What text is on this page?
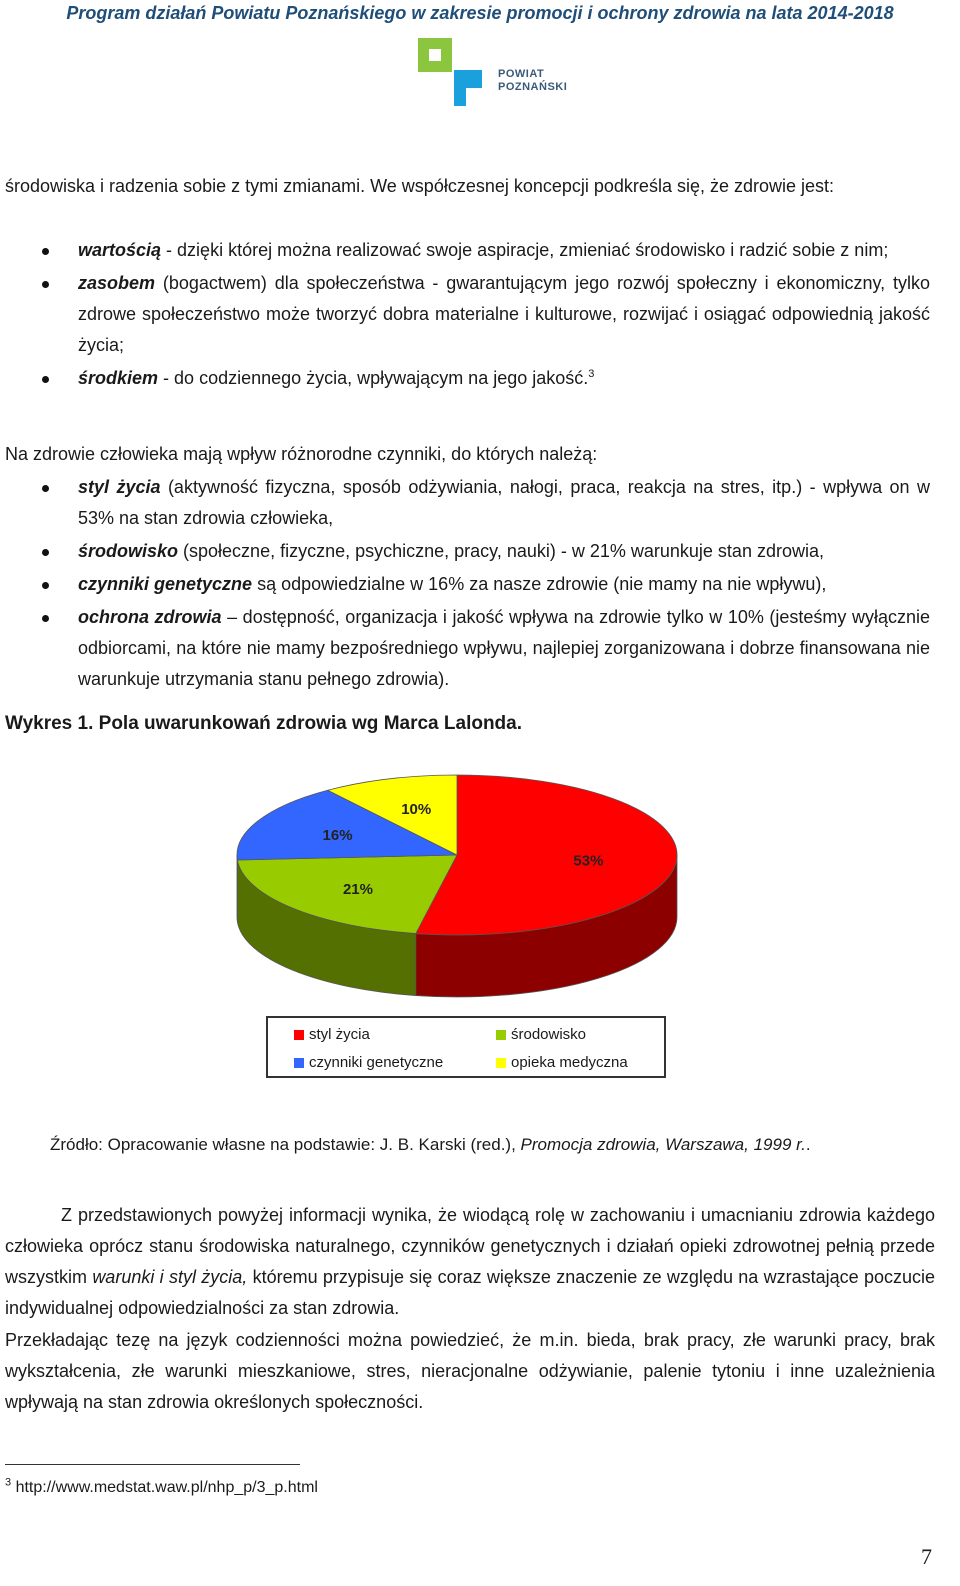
Program działań Powiatu Poznańskiego w zakresie promocji i ochrony zdrowia na lata 2014-2018
POWIAT
POZNAŃSKI

środowiska i radzenia sobie z tymi zmianami. We współczesnej koncepcji podkreśla się, że zdrowie jest:

wartością - dzięki której można realizować swoje aspiracje, zmieniać środowisko i radzić sobie z nim;
zasobem (bogactwem) dla społeczeństwa - gwarantującym jego rozwój społeczny i ekonomiczny, tylko zdrowe społeczeństwo może tworzyć dobra materialne i kulturowe, rozwijać i osiągać odpowiednią jakość życia;
środkiem - do codziennego życia, wpływającym na jego jakość.$^3$

Na zdrowie człowieka mają wpływ różnorodne czynniki, do których należą:

styl życia (aktywność fizyczna, sposób odżywiania, nałogi, praca, reakcja na stres, itp.) - wpływa on w 53% na stan zdrowia człowieka,
środowisko (społeczne, fizyczne, psychiczne, pracy, nauki) - w 21% warunkuje stan zdrowia,
czynniki genetyczne są odpowiedzialne w 16% za nasze zdrowie (nie mamy na nie wpływu),
ochrona zdrowia – dostępność, organizacja i jakość wpływa na zdrowie tylko w 10% (jesteśmy wyłącznie odbiorcami, na które nie mamy bezpośredniego wpływu, najlepiej zorganizowana i dobrze finansowana nie warunkuje utrzymania stanu pełnego zdrowia).
Wykres 1. Pola uwarunkowań zdrowia wg Marca Lalonda.
53%
21%
16%
10%
styl życia	środowisko
czynniki genetyczne	opieka medyczna
Źródło: Opracowanie własne na podstawie: J. B. Karski (red.), Promocja zdrowia, Warszawa, 1999 r..

Z przedstawionych powyżej informacji wynika, że wiodącą rolę w zachowaniu i umacnianiu zdrowia każdego człowieka oprócz stanu środowiska naturalnego, czynników genetycznych i działań opieki zdrowotnej pełnią przede wszystkim warunki i styl życia, któremu przypisuje się coraz większe znaczenie ze względu na wzrastające poczucie indywidualnej odpowiedzialności za stan zdrowia.

Przekładając tezę na język codzienności można powiedzieć, że m.in. bieda, brak pracy, złe warunki pracy, brak wykształcenia, złe warunki mieszkaniowe, stres, nieracjonalne odżywianie, palenie tytoniu i inne uzależnienia wpływają na stan zdrowia określonych społeczności.

$^3$ http://www.medstat.waw.pl/nhp_p/3_p.html
7
